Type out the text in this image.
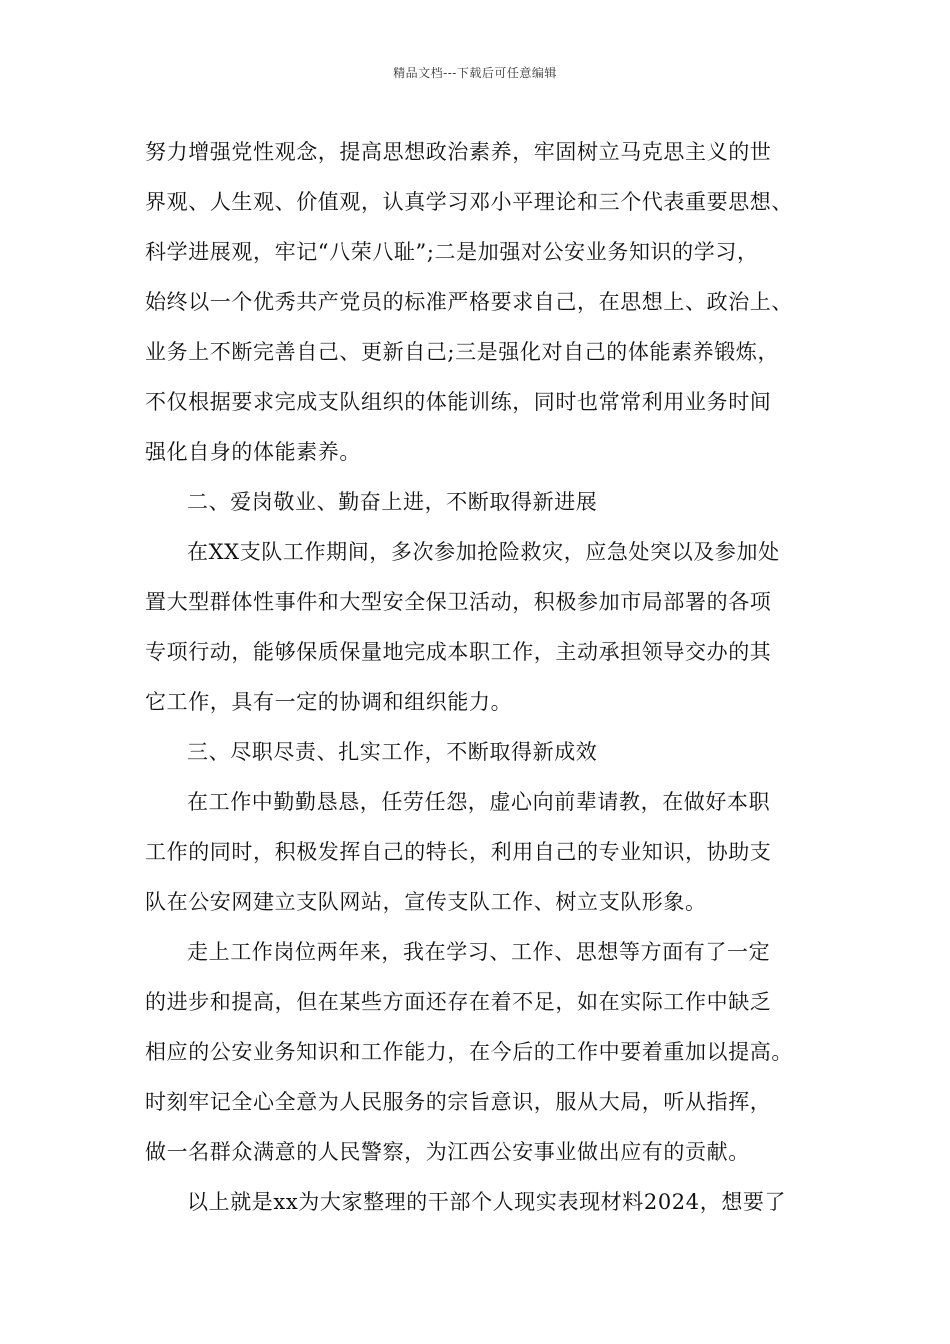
精品文档---下载后可任意编辑
努力增强党性观念，提高思想政治素养，牢固树立马克思主义的世
界观、人生观、价值观，认真学习邓小平理论和三个代表重要思想、
科学进展观，牢记“八荣八耻”;二是加强对公安业务知识的学习，
始终以一个优秀共产党员的标准严格要求自己，在思想上、政治上、
业务上不断完善自己、更新自己;三是强化对自己的体能素养锻炼，
不仅根据要求完成支队组织的体能训练，同时也常常利用业务时间
强化自身的体能素养。
二、爱岗敬业、勤奋上进，不断取得新进展
在XX支队工作期间，多次参加抢险救灾，应急处突以及参加处
置大型群体性事件和大型安全保卫活动，积极参加市局部署的各项
专项行动，能够保质保量地完成本职工作，主动承担领导交办的其
它工作，具有一定的协调和组织能力。
三、尽职尽责、扎实工作，不断取得新成效
在工作中勤勤恳恳，任劳任怨，虚心向前辈请教，在做好本职
工作的同时，积极发挥自己的特长，利用自己的专业知识，协助支
队在公安网建立支队网站，宣传支队工作、树立支队形象。
走上工作岗位两年来，我在学习、工作、思想等方面有了一定
的进步和提高，但在某些方面还存在着不足，如在实际工作中缺乏
相应的公安业务知识和工作能力，在今后的工作中要着重加以提高。
时刻牢记全心全意为人民服务的宗旨意识，服从大局，听从指挥，
做一名群众满意的人民警察，为江西公安事业做出应有的贡献。
以上就是xx为大家整理的干部个人现实表现材料2024，想要了
